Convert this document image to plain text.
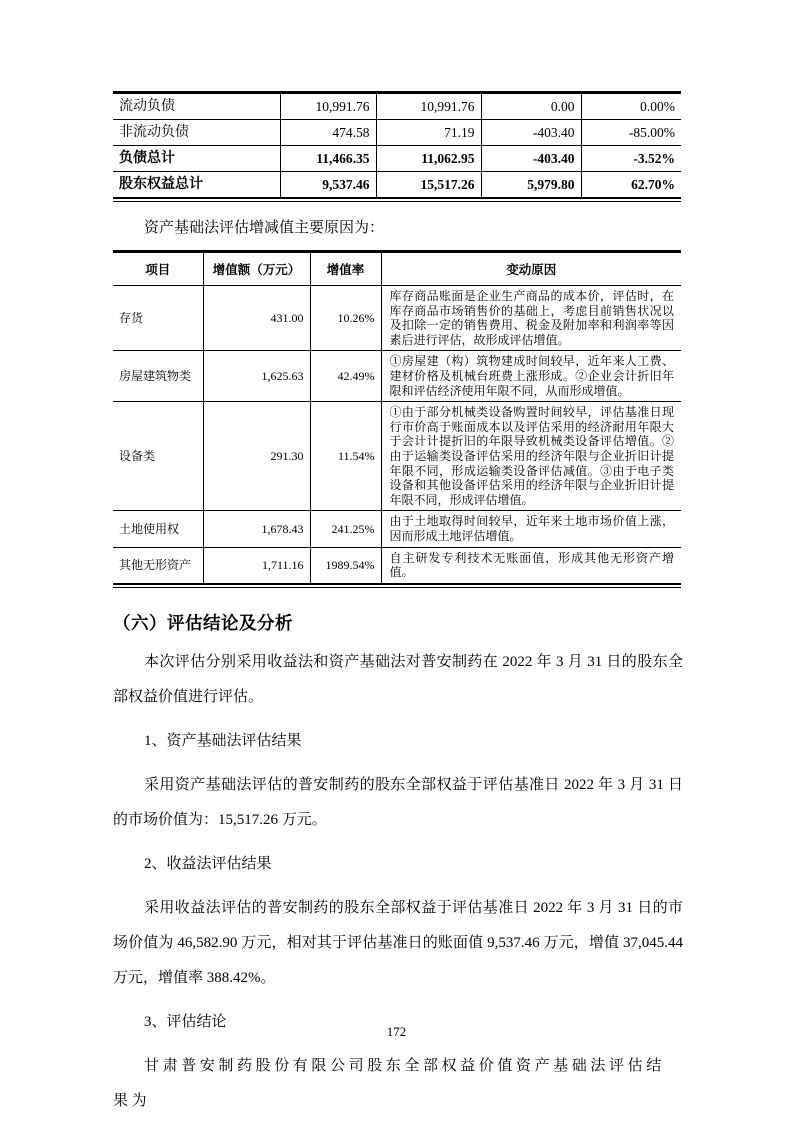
流动负债	10,991.76	10,991.76	0.00	0.00%
非流动负债	474.58	71.19	-403.40	-85.00%
负债总计	11,466.35	11,062.95	-403.40	-3.52%
股东权益总计	9,537.46	15,517.26	5,979.80	62.70%

资产基础法评估增减值主要原因为：

项目	增值额（万元）	增值率	变动原因
存货	431.00	10.26%	库存商品账面是企业生产商品的成本价，评估时，在库存商品市场销售价的基础上，考虑目前销售状况以及扣除一定的销售费用、税金及附加率和利润率等因素后进行评估，故形成评估增值。
房屋建筑物类	1,625.63	42.49%	①房屋建（构）筑物建成时间较早，近年来人工费、建材价格及机械台班费上涨形成。②企业会计折旧年限和评估经济使用年限不同，从而形成增值。
设备类	291.30	11.54%	①由于部分机械类设备购置时间较早，评估基准日现行市价高于账面成本以及评估采用的经济耐用年限大于会计计提折旧的年限导致机械类设备评估增值。②由于运输类设备评估采用的经济年限与企业折旧计提年限不同，形成运输类设备评估减值。③由于电子类设备和其他设备评估采用的经济年限与企业折旧计提年限不同，形成评估增值。
土地使用权	1,678.43	241.25%	由于土地取得时间较早，近年来土地市场价值上涨，因而形成土地评估增值。
其他无形资产	1,711.16	1989.54%	自主研发专利技术无账面值，形成其他无形资产增值。
（六）评估结论及分析

本次评估分别采用收益法和资产基础法对普安制药在 2022 年 3 月 31 日的股东全部权益价值进行评估。

1、资产基础法评估结果

采用资产基础法评估的普安制药的股东全部权益于评估基准日 2022 年 3 月 31 日的市场价值为：15,517.26 万元。

2、收益法评估结果

采用收益法评估的普安制药的股东全部权益于评估基准日 2022 年 3 月 31 日的市场价值为 46,582.90 万元，相对其于评估基准日的账面值 9,537.46 万元，增值 37,045.44 万元，增值率 388.42%。

3、评估结论

甘肃普安制药股份有限公司股东全部权益价值资产基础法评估结果为

172
